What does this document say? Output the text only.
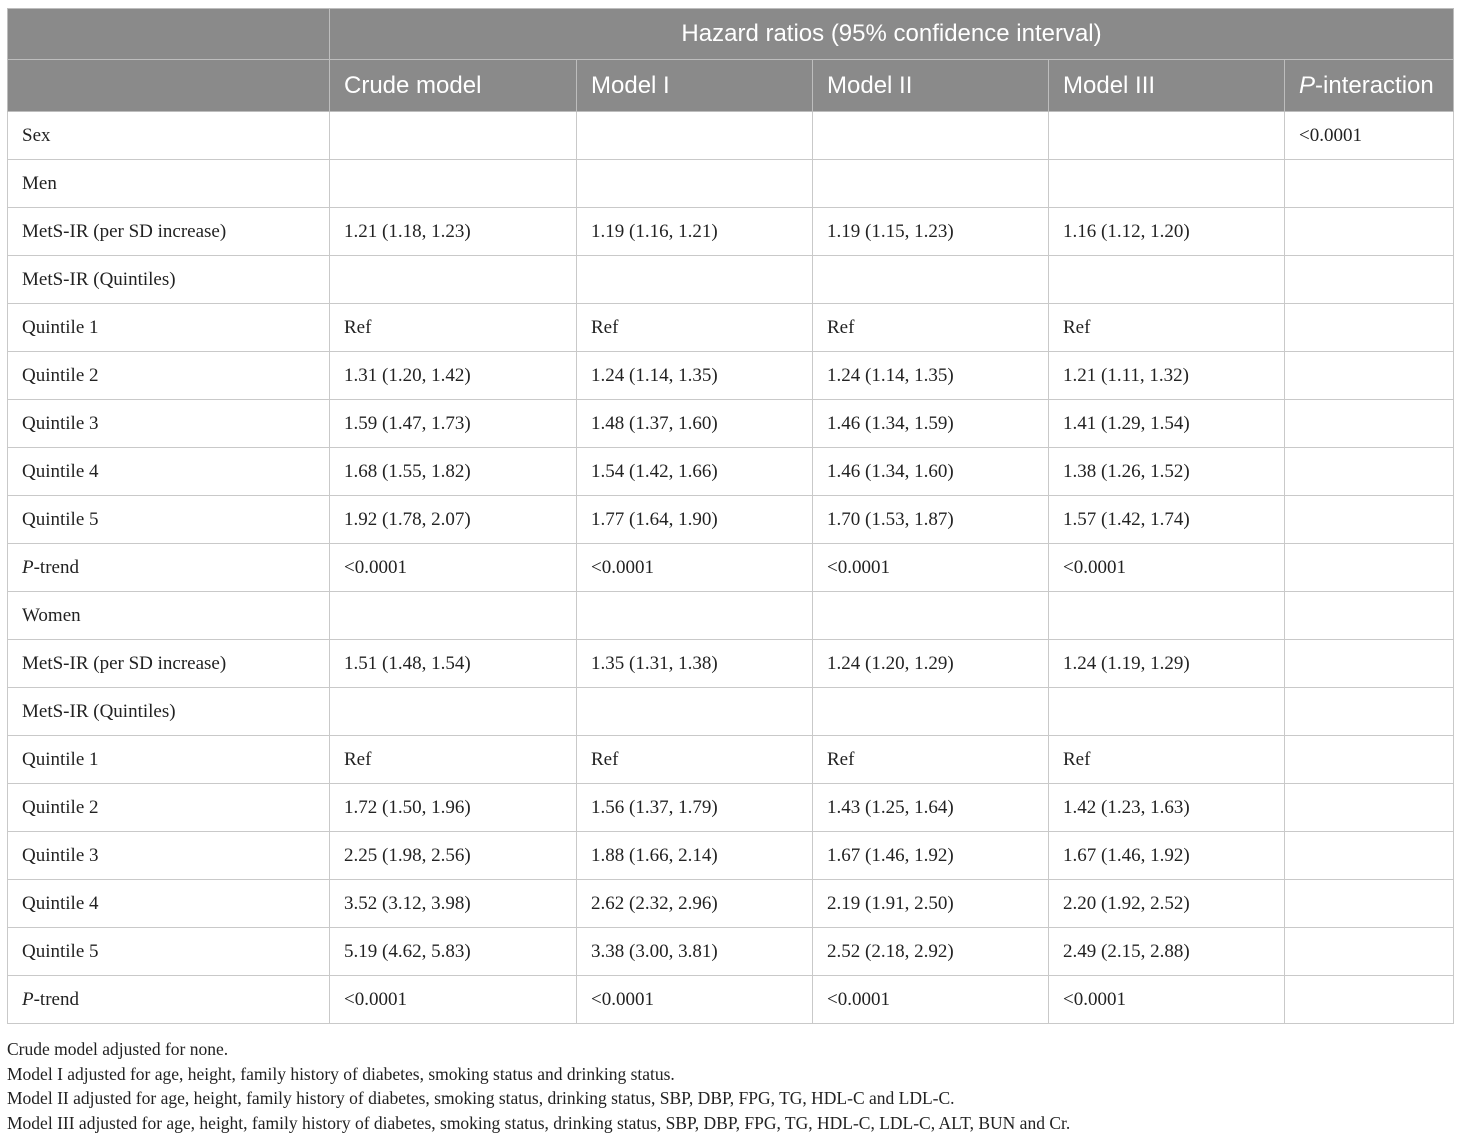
	Hazard ratios (95% confidence interval)				
	Crude model	Model I	Model II	Model III	P-interaction
Sex					<0.0001
Men					
MetS-IR (per SD increase)	1.21 (1.18, 1.23)	1.19 (1.16, 1.21)	1.19 (1.15, 1.23)	1.16 (1.12, 1.20)	
MetS-IR (Quintiles)					
Quintile 1	Ref	Ref	Ref	Ref	
Quintile 2	1.31 (1.20, 1.42)	1.24 (1.14, 1.35)	1.24 (1.14, 1.35)	1.21 (1.11, 1.32)	
Quintile 3	1.59 (1.47, 1.73)	1.48 (1.37, 1.60)	1.46 (1.34, 1.59)	1.41 (1.29, 1.54)	
Quintile 4	1.68 (1.55, 1.82)	1.54 (1.42, 1.66)	1.46 (1.34, 1.60)	1.38 (1.26, 1.52)	
Quintile 5	1.92 (1.78, 2.07)	1.77 (1.64, 1.90)	1.70 (1.53, 1.87)	1.57 (1.42, 1.74)	
P-trend	<0.0001	<0.0001	<0.0001	<0.0001	
Women					
MetS-IR (per SD increase)	1.51 (1.48, 1.54)	1.35 (1.31, 1.38)	1.24 (1.20, 1.29)	1.24 (1.19, 1.29)	
MetS-IR (Quintiles)					
Quintile 1	Ref	Ref	Ref	Ref	
Quintile 2	1.72 (1.50, 1.96)	1.56 (1.37, 1.79)	1.43 (1.25, 1.64)	1.42 (1.23, 1.63)	
Quintile 3	2.25 (1.98, 2.56)	1.88 (1.66, 2.14)	1.67 (1.46, 1.92)	1.67 (1.46, 1.92)	
Quintile 4	3.52 (3.12, 3.98)	2.62 (2.32, 2.96)	2.19 (1.91, 2.50)	2.20 (1.92, 2.52)	
Quintile 5	5.19 (4.62, 5.83)	3.38 (3.00, 3.81)	2.52 (2.18, 2.92)	2.49 (2.15, 2.88)	
P-trend	<0.0001	<0.0001	<0.0001	<0.0001	
Crude model adjusted for none.
Model I adjusted for age, height, family history of diabetes, smoking status and drinking status.
Model II adjusted for age, height, family history of diabetes, smoking status, drinking status, SBP, DBP, FPG, TG, HDL-C and LDL-C.
Model III adjusted for age, height, family history of diabetes, smoking status, drinking status, SBP, DBP, FPG, TG, HDL-C, LDL-C, ALT, BUN and Cr.
